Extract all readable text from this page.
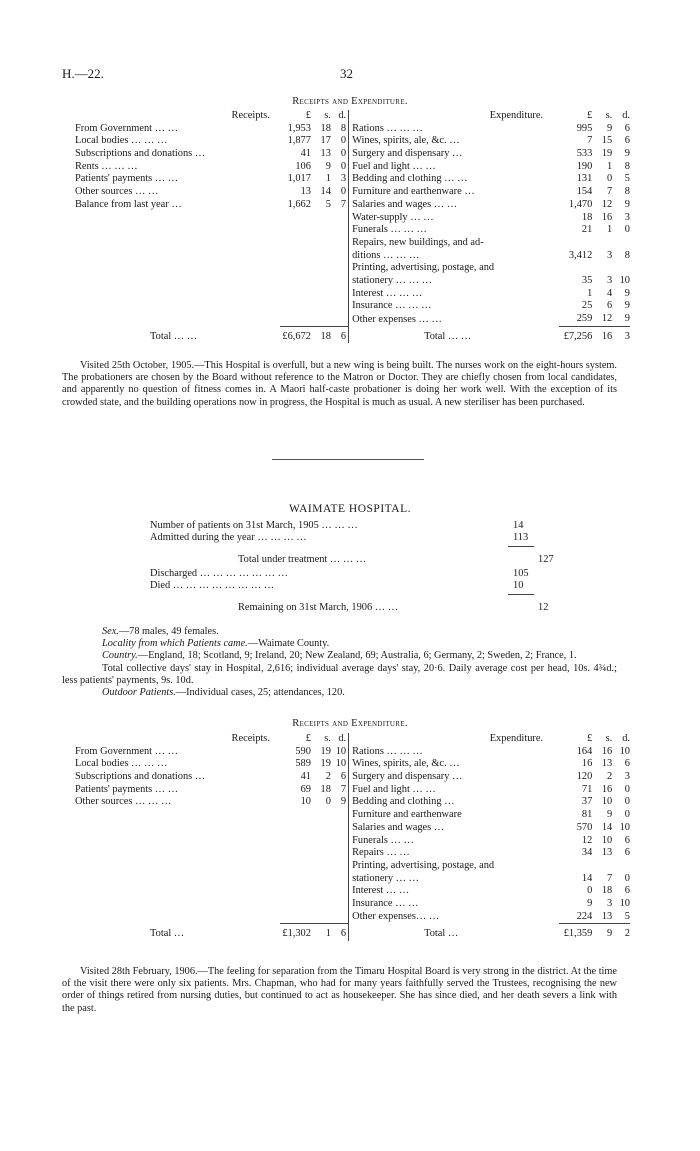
H.—22.	32
Receipts and Expenditure.
Receipts.	£	s.	d.	Expenditure.	£	s.	d.
From Government … …	1,953	18	8	Rations … … …	995	9	6
Local bodies … … …	1,877	17	0	Wines, spirits, ale, &c. …	7	15	6
Subscriptions and donations …	41	13	0	Surgery and dispensary …	533	19	9
Rents … … …	106	9	0	Fuel and light … …	190	1	8
Patients' payments … …	1,017	1	3	Bedding and clothing … …	131	0	5
Other sources … …	13	14	0	Furniture and earthenware …	154	7	8
Balance from last year …	1,662	5	7	Salaries and wages … …	1,470	12	9
				Water-supply … …	18	16	3
				Funerals … … …	21	1	0
				Repairs, new buildings, and ad-			
				ditions … … …	3,412	3	8
				Printing, advertising, postage, and			
				stationery … … …	35	3	10
				Interest … … …	1	4	9
				Insurance … … …	25	6	9
				Other expenses … …	259	12	9
Total … …	£6,672	18	6	Total … …	£7,256	16	3

Visited 25th October, 1905.—This Hospital is overfull, but a new wing is being built. The nurses work on the eight-hours system. The probationers are chosen by the Board without reference to the Matron or Doctor. They are chiefly chosen from local candidates, and apparently no question of fitness comes in. A Maori half-caste probationer is doing her work well. With the exception of its crowded state, and the building operations now in progress, the Hospital is much as usual. A new steriliser has been purchased.

WAIMATE HOSPITAL.
Number of patients on 31st March, 1905 … … …	14
Admitted during the year … … … …	113
Total under treatment … … …	127
Discharged … … … … … … …	105
Died … … … … … … … …	10
Remaining on 31st March, 1906 … …	12
Sex.—78 males, 49 females.
Locality from which Patients came.—Waimate County.
Country.—England, 18; Scotland, 9; Ireland, 20; New Zealand, 69; Australia, 6; Germany, 2; Sweden, 2; France, 1.
Total collective days' stay in Hospital, 2,616; individual average days' stay, 20·6. Daily average cost per head, 10s. 4¾d.; less patients' payments, 9s. 10d.
Outdoor Patients.—Individual cases, 25; attendances, 120.
Receipts and Expenditure.
Receipts.	£	s.	d.	Expenditure.	£	s.	d.
From Government … …	590	19	10	Rations … … …	164	16	10
Local bodies … … …	589	19	10	Wines, spirits, ale, &c. …	16	13	6
Subscriptions and donations …	41	2	6	Surgery and dispensary …	120	2	3
Patients' payments … …	69	18	7	Fuel and light … …	71	16	0
Other sources … … …	10	0	9	Bedding and clothing …	37	10	0
				Furniture and earthenware	81	9	0
				Salaries and wages …	570	14	10
				Funerals … …	12	10	6
				Repairs … …	34	13	6
				Printing, advertising, postage, and			
				stationery … …	14	7	0
				Interest … …	0	18	6
				Insurance … …	9	3	10
				Other expenses… …	224	13	5
Total …	£1,302	1	6	Total …	£1,359	9	2

Visited 28th February, 1906.—The feeling for separation from the Timaru Hospital Board is very strong in the district. At the time of the visit there were only six patients. Mrs. Chapman, who had for many years faithfully served the Trustees, recognising the new order of things retired from nursing duties, but continued to act as housekeeper. She has since died, and her death severs a link with the past.
